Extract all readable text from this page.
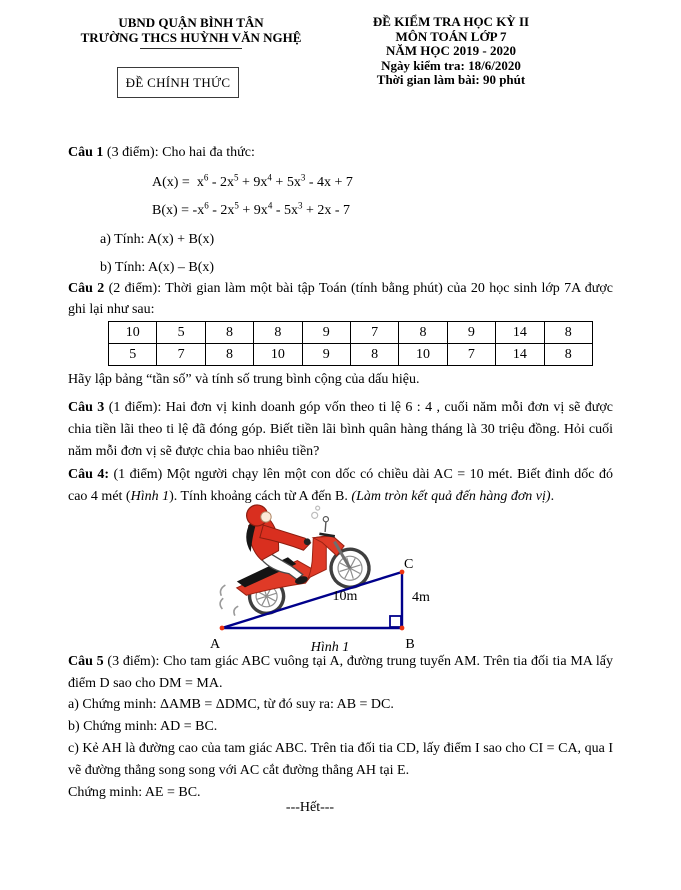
UBND QUẬN BÌNH TÂN
TRƯỜNG THCS HUỲNH VĂN NGHỆ
ĐỀ CHÍNH THỨC
ĐỀ KIỂM TRA HỌC KỲ II
MÔN TOÁN LỚP 7
NĂM HỌC 2019 - 2020
Ngày kiểm tra: 18/6/2020
Thời gian làm bài: 90 phút
Câu 1 (3 điểm): Cho hai đa thức:
$A(x) = x^6 - 2x^5 + 9x^4 + 5x^3 - 4x + 7$
$B(x) = -x^6 - 2x^5 + 9x^4 - 5x^3 + 2x - 7$
a) Tính: A(x) + B(x)
b) Tính: A(x) – B(x)
Câu 2 (2 điểm): Thời gian làm một bài tập Toán (tính bằng phút) của 20 học sinh lớp 7A được ghi lại như sau:
10	5	8	8	9	7	8	9	14	8
5	7	8	10	9	8	10	7	14	8
Hãy lập bảng “tần số” và tính số trung bình cộng của dấu hiệu.
Câu 3 (1 điểm): Hai đơn vị kinh doanh góp vốn theo ti lệ 6 : 4 , cuối năm mỗi đơn vị sẽ được chia tiền lãi theo ti lệ đã đóng góp. Biết tiền lãi bình quân hàng tháng là 30 triệu đồng. Hỏi cuối năm mỗi đơn vị sẽ được chia bao nhiêu tiền?
Câu 4: (1 điểm) Một người chạy lên một con dốc có chiều dài AC = 10 mét. Biết đinh dốc đó cao 4 mét (Hình 1). Tính khoảng cách từ A đến B. (Làm tròn kết quả đến hàng đơn vị).
A	B
C
10m	4m
Hình 1
Câu 5 (3 điểm): Cho tam giác ABC vuông tại A, đường trung tuyến AM. Trên tia đối tia MA lấy điểm D sao cho DM = MA.
a) Chứng minh: ΔAMB = ΔDMC, từ đó suy ra: AB = DC.
b) Chứng minh: AD = BC.
c) Kẻ AH là đường cao của tam giác ABC. Trên tia đối tia CD, lấy điểm I sao cho CI = CA, qua I vẽ đường thẳng song song với AC cắt đường thẳng AH tại E.
Chứng minh: AE = BC.
---Hết---
